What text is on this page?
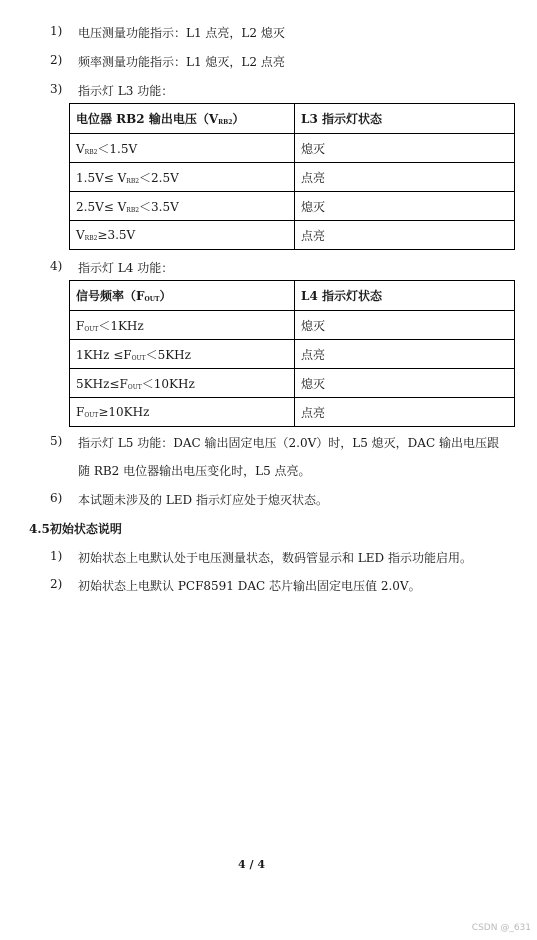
1) 电压测量功能指示：L1 点亮，L2 熄灭
2) 频率测量功能指示：L1 熄灭，L2 点亮
3) 指示灯 L3 功能：
电位器 RB2 输出电压$(V_{RB2})$	L3 指示灯状态
$V_{RB2}<1.5V$	熄灭
$1.5V\le V_{RB2}<2.5V$	点亮
$2.5V\le V_{RB2}<3.5V$	熄灭
$V_{RB2}\ge 3.5V$	点亮
4) 指示灯 L4 功能：
信号频率$(F_{OUT})$	L4 指示灯状态
$F_{OUT}<1KHz$	熄灭
$1KHz \le F_{OUT}<5KHz$	点亮
$5KHz\le F_{OUT}<10KHz$	熄灭
$F_{OUT}\ge 10KHz$	点亮
5) 指示灯 L5 功能：DAC 输出固定电压（2.0V）时，L5 熄灭，DAC 输出电压跟
随 RB2 电位器输出电压变化时，L5 点亮。
6) 本试题未涉及的 LED 指示灯应处于熄灭状态。
4.5初始状态说明
1) 初始状态上电默认处于电压测量状态，数码管显示和 LED 指示功能启用。
2) 初始状态上电默认 PCF8591 DAC 芯片输出固定电压值 2.0V。
4 / 4
CSDN @_631
